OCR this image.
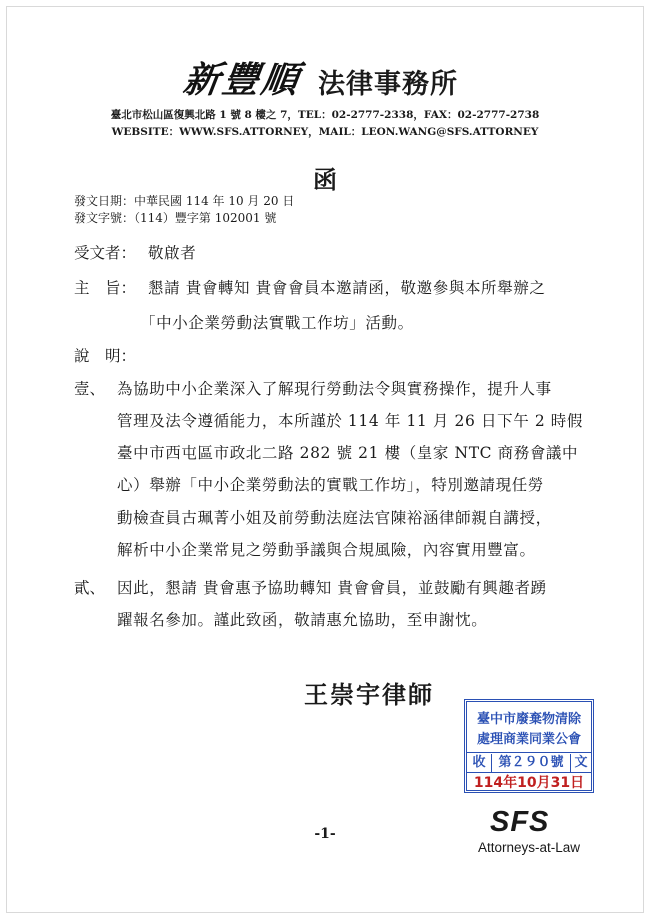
新豐順 法律事務所
臺北市松山區復興北路 1 號 8 樓之 7，TEL：02-2777-2338，FAX：02-2777-2738
WEBSITE：WWW.SFS.ATTORNEY，MAIL：LEON.WANG@SFS.ATTORNEY
函
發文日期：中華民國 114 年 10 月 20 日
發文字號：（114）豐字第 102001 號
受文者： 敬啟者
主　旨： 懇請 貴會轉知 貴會會員本邀請函，敬邀參與本所舉辦之
「中小企業勞動法實戰工作坊」活動。
說　明：
壹、 為協助中小企業深入了解現行勞動法令與實務操作，提升人事
管理及法令遵循能力，本所謹於 114 年 11 月 26 日下午 2 時假
臺中市西屯區市政北二路 282 號 21 樓（皇家 NTC 商務會議中
心）舉辦「中小企業勞動法的實戰工作坊」，特別邀請現任勞
動檢查員古珮菁小姐及前勞動法庭法官陳裕涵律師親自講授，
解析中小企業常見之勞動爭議與合規風險，內容實用豐富。
貳、 因此，懇請 貴會惠予協助轉知 貴會會員，並鼓勵有興趣者踴
躍報名參加。謹此致函，敬請惠允協助，至申謝忱。
王崇宇律師
臺中市廢棄物清除
處理商業同業公會
收 第２９０號 文
114年10月31日
-1-	SFS
Attorneys-at-Law
